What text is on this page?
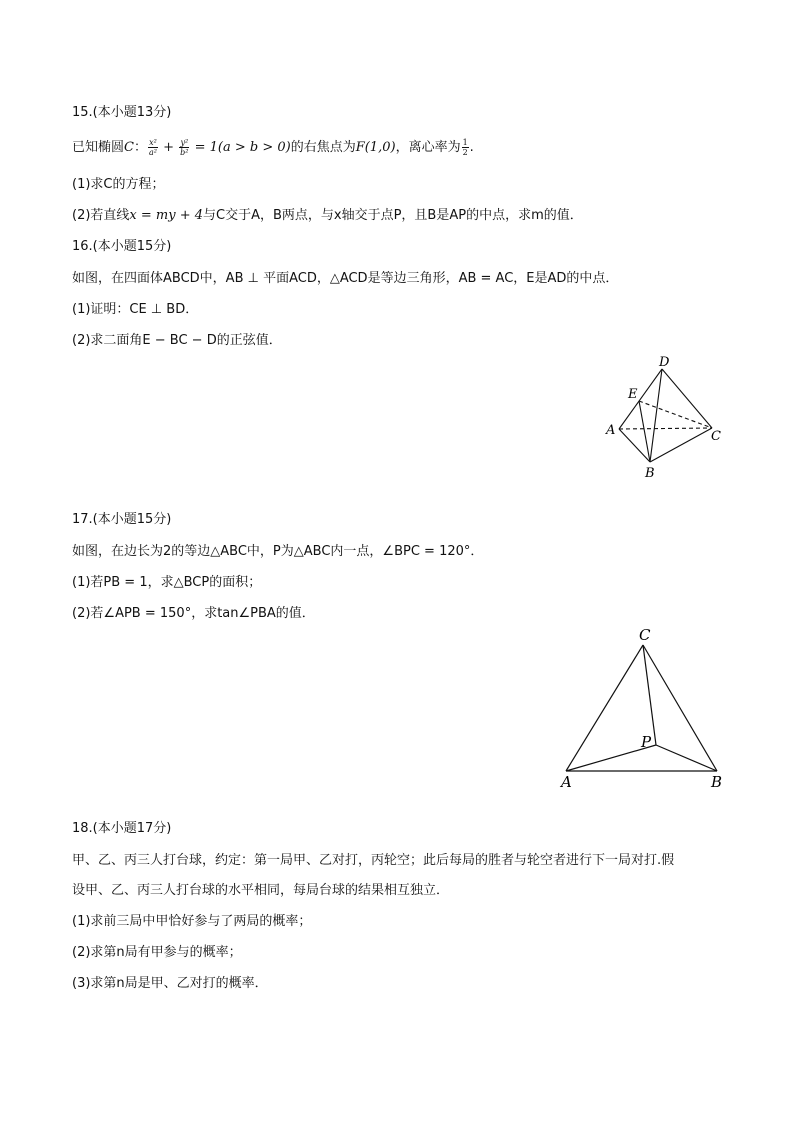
15.(本小题13分)
已知椭圆C： $\frac{\text{x²}}{\text{a²}} + \frac{\text{y²}}{\text{b²}} = 1(a > b > 0)$的右焦点为F(1,0)，离心率为 $\frac{1}{2}$ .
(1)求C的方程；
(2)若直线x = my + 4与C交于A，B两点，与x轴交于点P，且B是AP的中点，求m的值．
16.(本小题15分)
如图，在四面体ABCD中，AB ⊥ 平面ACD，△ACD是等边三角形，AB = AC，E是AD的中点．
(1)证明：CE ⊥ BD．
(2)求二面角E − BC − D的正弦值．
D
E
A	C
B
17.(本小题15分)
如图，在边长为2的等边△ABC中，P为△ABC内一点，∠BPC = 120°．
(1)若PB = 1，求△BCP的面积；
(2)若∠APB = 150°，求tan∠PBA的值．
C
P
A	B
18.(本小题17分)
甲、乙、丙三人打台球，约定：第一局甲、乙对打，丙轮空；此后每局的胜者与轮空者进行下一局对打.假
设甲、乙、丙三人打台球的水平相同，每局台球的结果相互独立．
(1)求前三局中甲恰好参与了两局的概率；
(2)求第n局有甲参与的概率；
(3)求第n局是甲、乙对打的概率．
